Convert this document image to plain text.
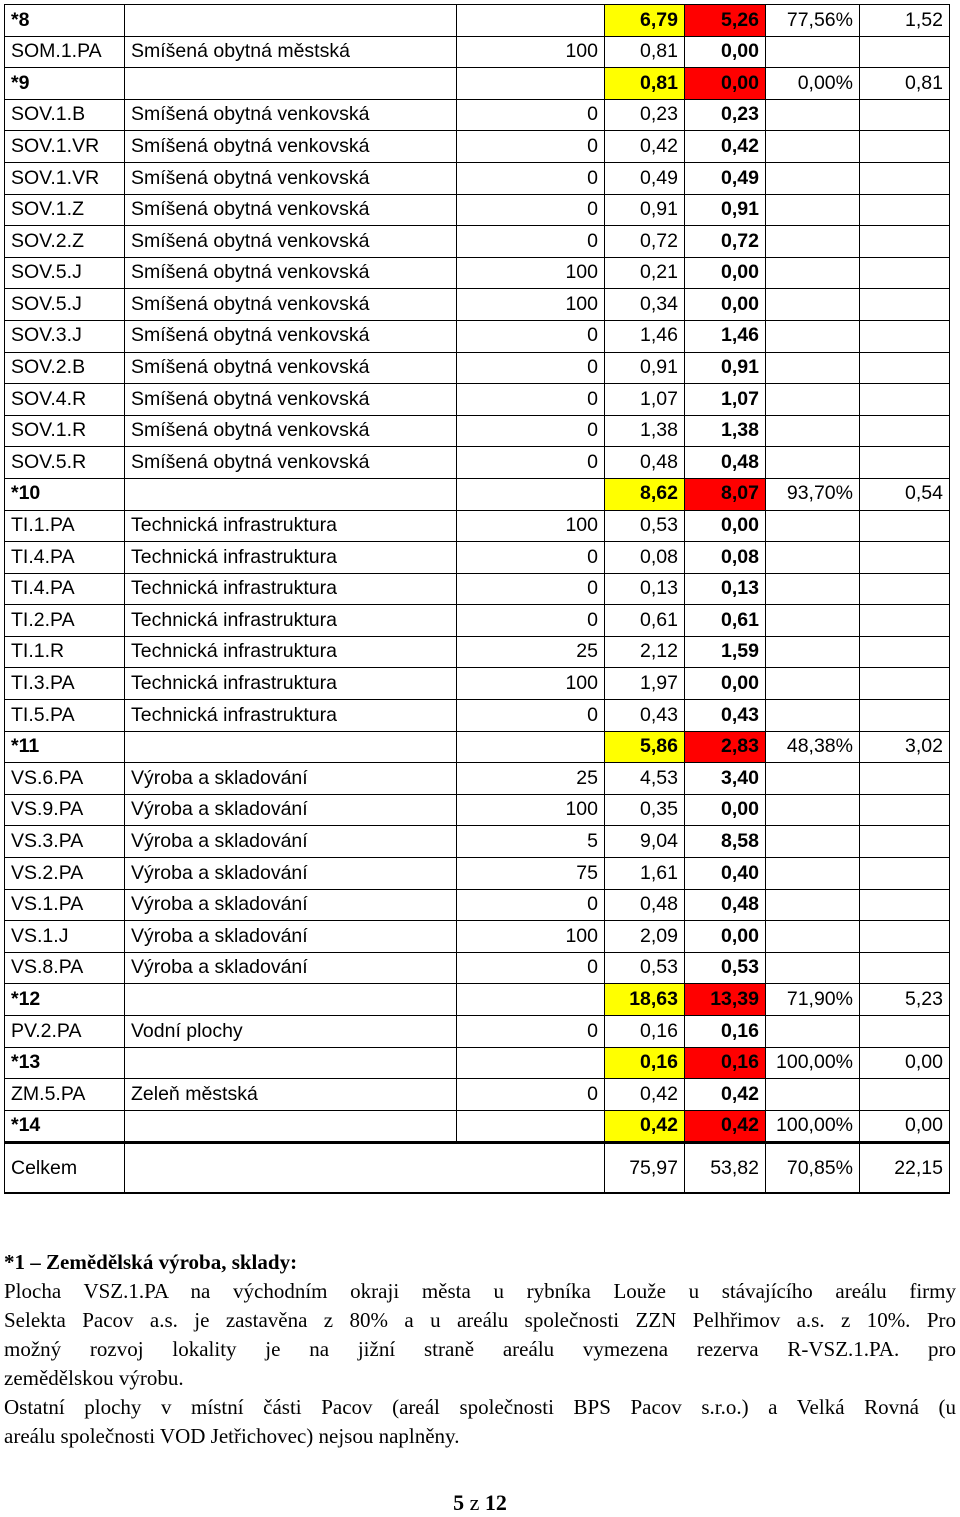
*8			6,79	5,26	77,56%	1,52
SOM.1.PA	Smíšená obytná městská	100	0,81	0,00		
*9			0,81	0,00	0,00%	0,81
SOV.1.B	Smíšená obytná venkovská	0	0,23	0,23		
SOV.1.VR	Smíšená obytná venkovská	0	0,42	0,42		
SOV.1.VR	Smíšená obytná venkovská	0	0,49	0,49		
SOV.1.Z	Smíšená obytná venkovská	0	0,91	0,91		
SOV.2.Z	Smíšená obytná venkovská	0	0,72	0,72		
SOV.5.J	Smíšená obytná venkovská	100	0,21	0,00		
SOV.5.J	Smíšená obytná venkovská	100	0,34	0,00		
SOV.3.J	Smíšená obytná venkovská	0	1,46	1,46		
SOV.2.B	Smíšená obytná venkovská	0	0,91	0,91		
SOV.4.R	Smíšená obytná venkovská	0	1,07	1,07		
SOV.1.R	Smíšená obytná venkovská	0	1,38	1,38		
SOV.5.R	Smíšená obytná venkovská	0	0,48	0,48		
*10			8,62	8,07	93,70%	0,54
TI.1.PA	Technická infrastruktura	100	0,53	0,00		
TI.4.PA	Technická infrastruktura	0	0,08	0,08		
TI.4.PA	Technická infrastruktura	0	0,13	0,13		
TI.2.PA	Technická infrastruktura	0	0,61	0,61		
TI.1.R	Technická infrastruktura	25	2,12	1,59		
TI.3.PA	Technická infrastruktura	100	1,97	0,00		
TI.5.PA	Technická infrastruktura	0	0,43	0,43		
*11			5,86	2,83	48,38%	3,02
VS.6.PA	Výroba a skladování	25	4,53	3,40		
VS.9.PA	Výroba a skladování	100	0,35	0,00		
VS.3.PA	Výroba a skladování	5	9,04	8,58		
VS.2.PA	Výroba a skladování	75	1,61	0,40		
VS.1.PA	Výroba a skladování	0	0,48	0,48		
VS.1.J	Výroba a skladování	100	2,09	0,00		
VS.8.PA	Výroba a skladování	0	0,53	0,53		
*12			18,63	13,39	71,90%	5,23
PV.2.PA	Vodní plochy	0	0,16	0,16		
*13			0,16	0,16	100,00%	0,00
ZM.5.PA	Zeleň městská	0	0,42	0,42		
*14			0,42	0,42	100,00%	0,00
Celkem			75,97	53,82	70,85%	22,15

*1 – Zemědělská výroba, sklady:

Plocha VSZ.1.PA na východním okraji města u rybníka Louže u stávajícího areálu firmy

Selekta Pacov a.s. je zastavěna z 80% a u areálu společnosti ZZN Pelhřimov a.s. z 10%. Pro

možný rozvoj lokality je na jižní straně areálu vymezena rezerva R-VSZ.1.PA. pro

zemědělskou výrobu.

Ostatní plochy v místní části Pacov (areál společnosti BPS Pacov s.r.o.) a Velká Rovná (u

areálu společnosti VOD Jetřichovec) nejsou naplněny.

5 z 12
